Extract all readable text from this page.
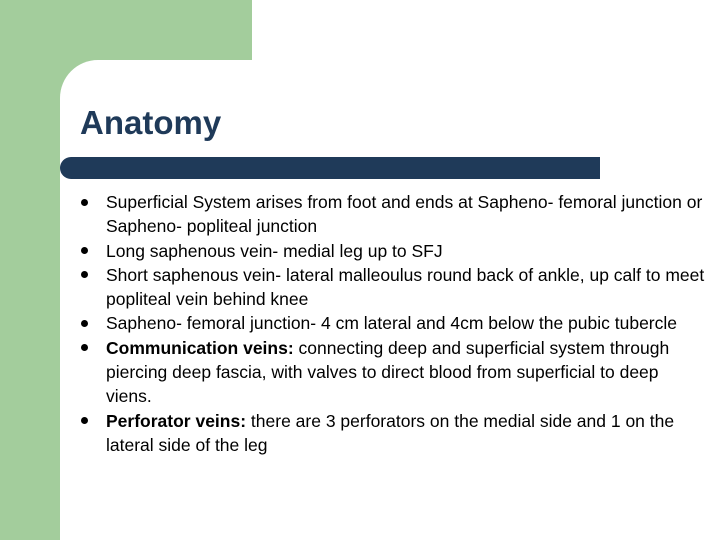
Anatomy
Superficial System arises from foot and ends at Sapheno- femoral junction or Sapheno- popliteal junction
Long saphenous vein- medial leg up to SFJ
Short saphenous vein- lateral malleoulus round back of ankle, up calf to meet popliteal vein behind knee
Sapheno- femoral junction- 4 cm lateral and 4cm below the pubic tubercle
Communication veins: connecting deep and superficial system through piercing deep fascia, with valves to direct blood from superficial to deep viens.
Perforator veins: there are 3 perforators on the medial side and 1 on the lateral side of the leg
